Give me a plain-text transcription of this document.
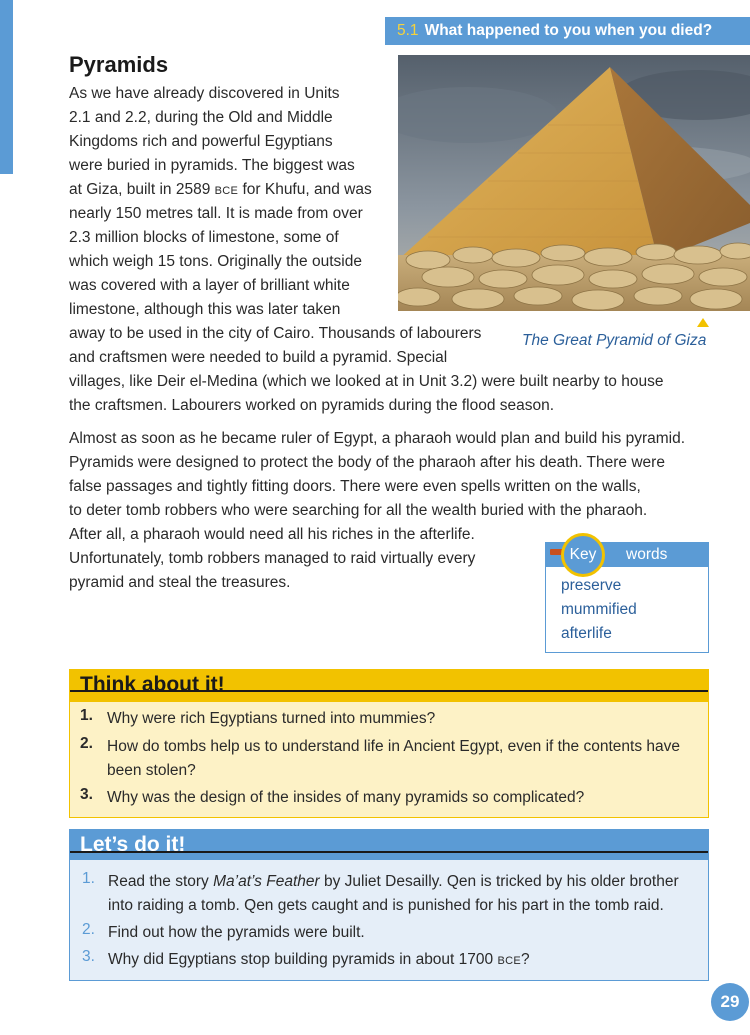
5.1 What happened to you when you died?
Pyramids
The Great Pyramid of Giza
As we have already discovered in Units
2.1 and 2.2, during the Old and Middle
Kingdoms rich and powerful Egyptians
were buried in pyramids. The biggest was
at Giza, built in 2589 BCE for Khufu, and was
nearly 150 metres tall. It is made from over
2.3 million blocks of limestone, some of
which weigh 15 tons. Originally the outside
was covered with a layer of brilliant white
limestone, although this was later taken
away to be used in the city of Cairo. Thousands of labourers
and craftsmen were needed to build a pyramid. Special
villages, like Deir el-Medina (which we looked at in Unit 3.2) were built nearby to house
the craftsmen. Labourers worked on pyramids during the flood season.
Almost as soon as he became ruler of Egypt, a pharaoh would plan and build his pyramid.
Pyramids were designed to protect the body of the pharaoh after his death. There were
false passages and tightly fitting doors. There were even spells written on the walls,
to deter tomb robbers who were searching for all the wealth buried with the pharaoh.
After all, a pharaoh would need all his riches in the afterlife.
Unfortunately, tomb robbers managed to raid virtually every
pyramid and steal the treasures.
words
Key
preserve
mummified
afterlife
Think about it!
1. Why were rich Egyptians turned into mummies?
2. How do tombs help us to understand life in Ancient Egypt, even if the contents have
been stolen?
3. Why was the design of the insides of many pyramids so complicated?
Let’s do it!
1. Read the story Ma’at’s Feather by Juliet Desailly. Qen is tricked by his older brother
into raiding a tomb. Qen gets caught and is punished for his part in the tomb raid.
2. Find out how the pyramids were built.
3. Why did Egyptians stop building pyramids in about 1700 BCE?
29
